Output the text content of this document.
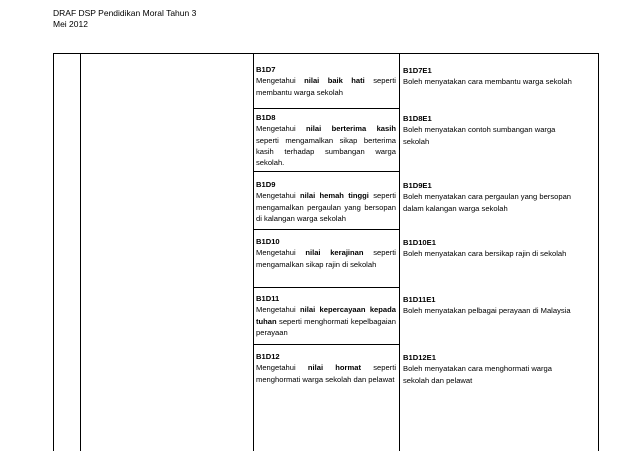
DRAF DSP Pendidikan Moral Tahun 3
Mei 2012
B1D7
Mengetahui nilai baik hati seperti membantu warga sekolah
B1D7E1
Boleh menyatakan cara membantu warga sekolah
B1D8
Mengetahui nilai berterima kasih seperti mengamalkan sikap berterima kasih terhadap sumbangan warga sekolah.
B1D8E1
Boleh menyatakan contoh sumbangan warga sekolah
B1D9
Mengetahui nilai hemah tinggi seperti mengamalkan pergaulan yang bersopan di kalangan warga sekolah
B1D9E1
Boleh menyatakan cara pergaulan yang bersopan dalam kalangan warga sekolah
B1D10
Mengetahui nilai kerajinan seperti mengamalkan sikap rajin di sekolah
B1D10E1
Boleh menyatakan cara bersikap rajin di sekolah
B1D11
Mengetahui nilai kepercayaan kepada tuhan seperti menghormati kepelbagaian perayaan
B1D11E1
Boleh menyatakan pelbagai perayaan di Malaysia
B1D12
Mengetahui nilai hormat seperti menghormati warga sekolah dan pelawat
B1D12E1
Boleh menyatakan cara menghormati warga sekolah dan pelawat
